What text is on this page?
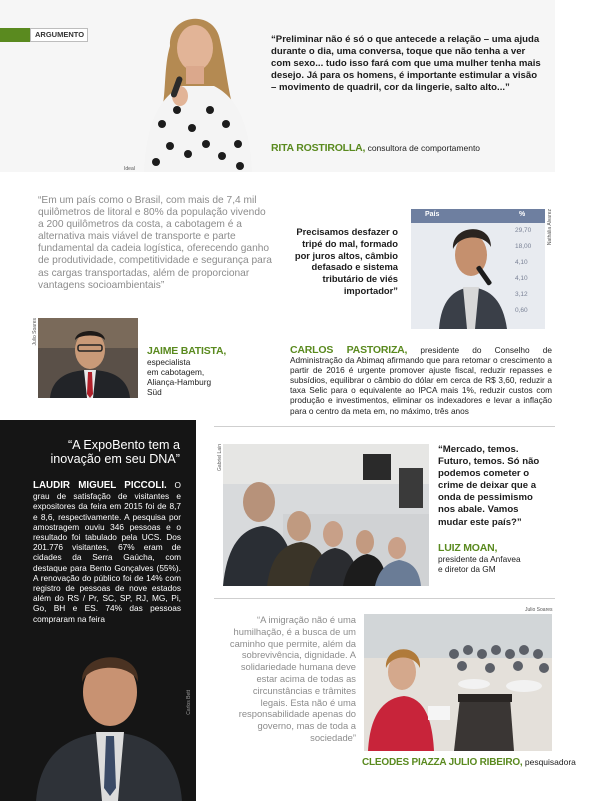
ARGUMENTO
Ideal
“Preliminar não é só o que antecede a relação – uma ajuda durante o dia, uma conversa, toque que não tenha a ver com sexo... tudo isso fará com que uma mulher tenha mais desejo. Já para os homens, é importante estimular a visão – movimento de quadril, cor da lingerie, salto alto...”
RITA ROSTIROLLA, consultora de comportamento
“Em um país como o Brasil, com mais de 7,4 mil quilômetros de litoral e 80% da população vivendo a 200 quilômetros da costa, a cabotagem é a alternativa mais viável de transporte e parte fundamental da cadeia logística, oferecendo ganho de produtividade, competitividade e segurança para as cargas transportadas, além de proporcionar vantagens socioambientais”
Julio Soares
JAIME BATISTA,
especialista
em cabotagem,
Aliança-Hamburg
Süd
Precisamos desfazer o tripé do mal, formado por juros altos, câmbio defasado e sistema tributário de viés importador”
País	%
29,70
18,00
4,10
4,10
3,12
0,60
Nathália Alvarez
CARLOS PASTORIZA, presidente do Conselho de Administração da Abimaq afirmando que para retomar o crescimento a partir de 2016 é urgente promover ajuste fiscal, reduzir repasses e subsídios, equilibrar o câmbio do dólar em cerca de R$ 3,60, reduzir a taxa Selic para o equivalente ao IPCA mais 1%, reduzir custos com produção e investimentos, eliminar os indexadores e levar a inflação para o centro da meta em, no máximo, três anos
“A ExpoBento tem a inovação em seu DNA”
LAUDIR MIGUEL PICCOLI. O grau de satisfação de visitantes e expositores da feira em 2015 foi de 8,7 e 8,6, respectivamente. A pesquisa por amostragem ouviu 346 pessoas e o resultado foi tabulado pela UCS. Dos 201.776 visitantes, 67% eram de cidades da Serra Gaúcha, com destaque para Bento Gonçalves (55%). A renovação do público foi de 14% com registro de pessoas de nove estados além do RS / Pr, SC, SP, RJ, MG, Pi, Go, BH e ES. 74% das pessoas compraram na feira
Carlos Bett
Gabriel Lain	“Mercado, temos. Futuro, temos. Só não podemos cometer o crime de deixar que a onda de pessimismo nos abale. Vamos mudar este país?”
LUIZ MOAN,
presidente da Anfavea
e diretor da GM
“A imigração não é uma humilhação, é a busca de um caminho que permite, além da sobrevivência, dignidade. A solidariedade humana deve estar acima de todas as circunstâncias e trâmites legais. Esta não é uma responsabilidade apenas do governo, mas de toda a sociedade”
Julio Soares
CLEODES PIAZZA JULIO RIBEIRO, pesquisadora
